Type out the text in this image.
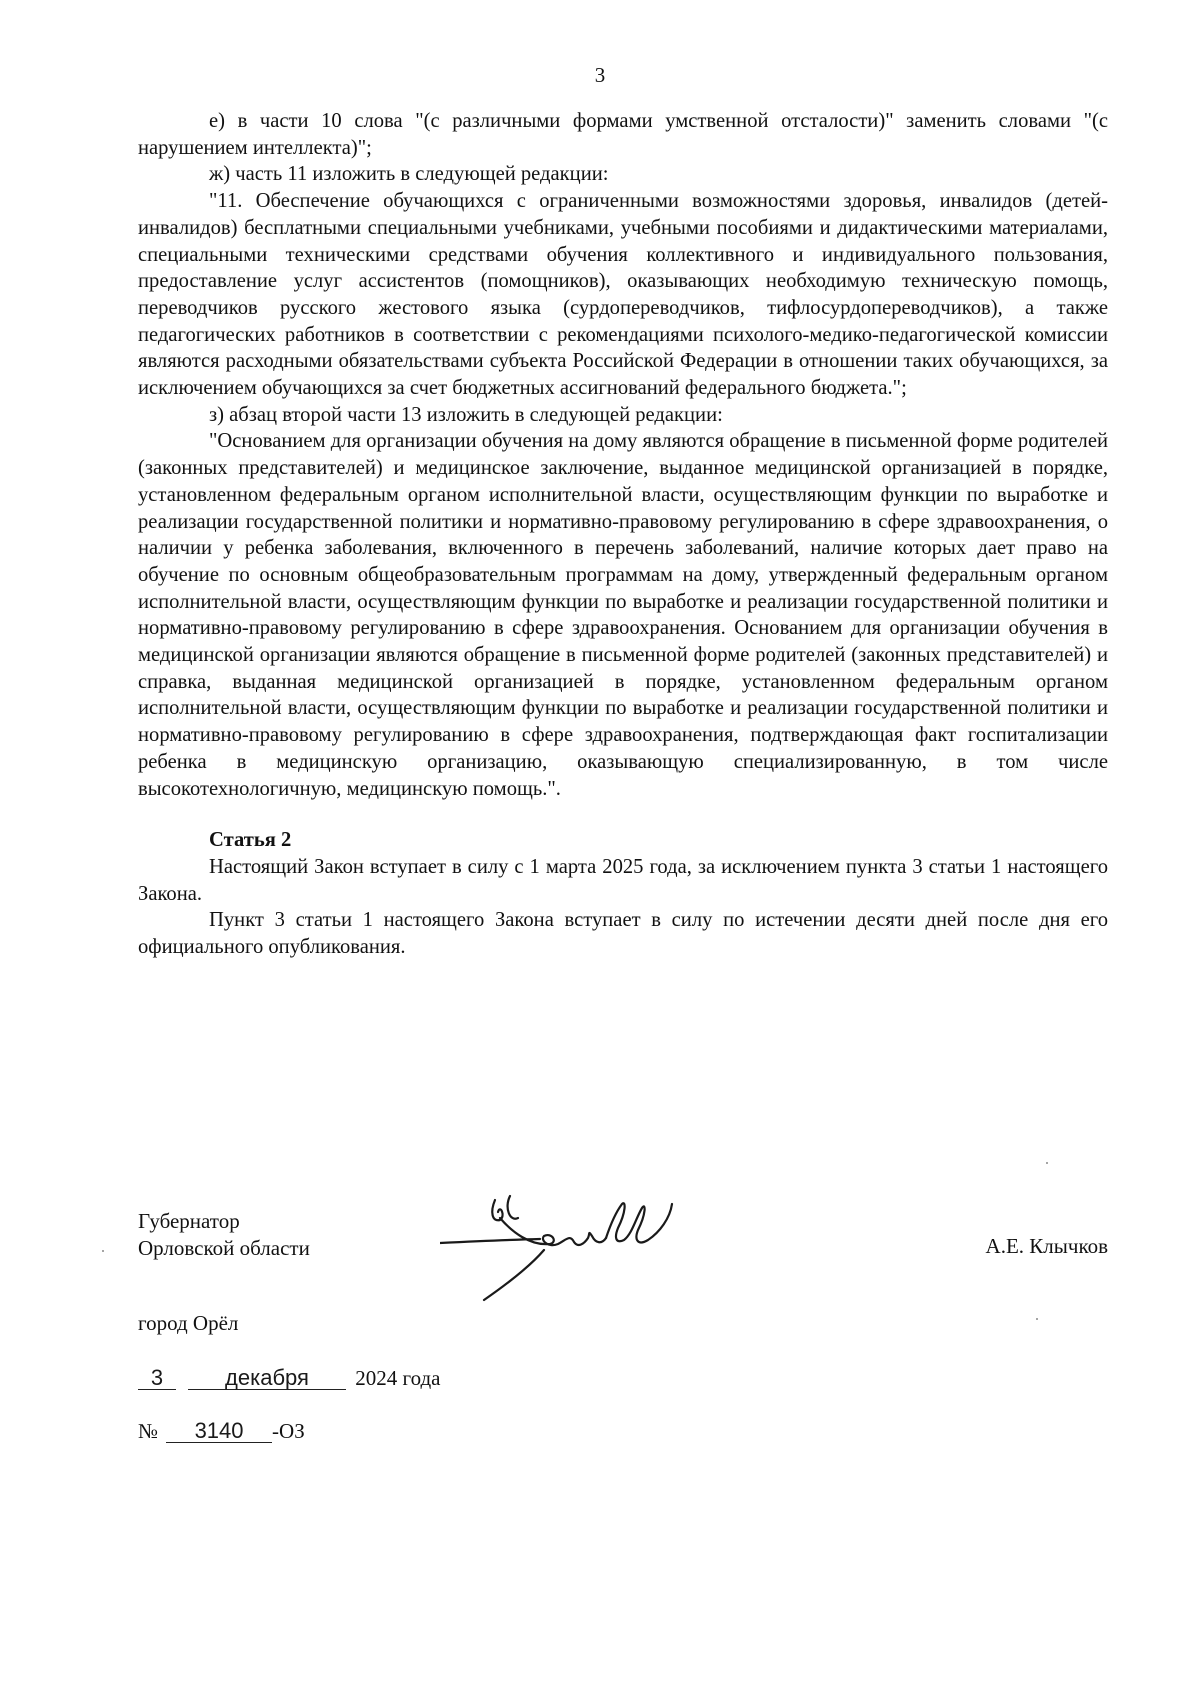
3

е) в части 10 слова "(с различными формами умственной отсталости)" заменить словами "(с нарушением интеллекта)";

ж) часть 11 изложить в следующей редакции:

"11. Обеспечение обучающихся с ограниченными возможностями здоровья, инвалидов (детей-инвалидов) бесплатными специальными учебниками, учебными пособиями и дидактическими материалами, специальными техническими средствами обучения коллективного и индивидуального пользования, предоставление услуг ассистентов (помощников), оказывающих необходимую техническую помощь, переводчиков русского жестового языка (сурдопереводчиков, тифлосурдопереводчиков), а также педагогических работников в соответствии с рекомендациями психолого-медико-педагогической комиссии являются расходными обязательствами субъекта Российской Федерации в отношении таких обучающихся, за исключением обучающихся за счет бюджетных ассигнований федерального бюджета.";

з) абзац второй части 13 изложить в следующей редакции:

"Основанием для организации обучения на дому являются обращение в письменной форме родителей (законных представителей) и медицинское заключение, выданное медицинской организацией в порядке, установленном федеральным органом исполнительной власти, осуществляющим функции по выработке и реализации государственной политики и нормативно-правовому регулированию в сфере здравоохранения, о наличии у ребенка заболевания, включенного в перечень заболеваний, наличие которых дает право на обучение по основным общеобразовательным программам на дому, утвержденный федеральным органом исполнительной власти, осуществляющим функции по выработке и реализации государственной политики и нормативно-правовому регулированию в сфере здравоохранения. Основанием для организации обучения в медицинской организации являются обращение в письменной форме родителей (законных представителей) и справка, выданная медицинской организацией в порядке, установленном федеральным органом исполнительной власти, осуществляющим функции по выработке и реализации государственной политики и нормативно-правовому регулированию в сфере здравоохранения, подтверждающая факт госпитализации ребенка в медицинскую организацию, оказывающую специализированную, в том числе высокотехнологичную, медицинскую помощь.".

Статья 2

Настоящий Закон вступает в силу с 1 марта 2025 года, за исключением пункта 3 статьи 1 настоящего Закона.

Пункт 3 статьи 1 настоящего Закона вступает в силу по истечении десяти дней после дня его официального опубликования.

Губернатор
Орловской области	А.Е. Клычков
город Орёл
3	декабря 2024 года
№ 3140 -ОЗ
